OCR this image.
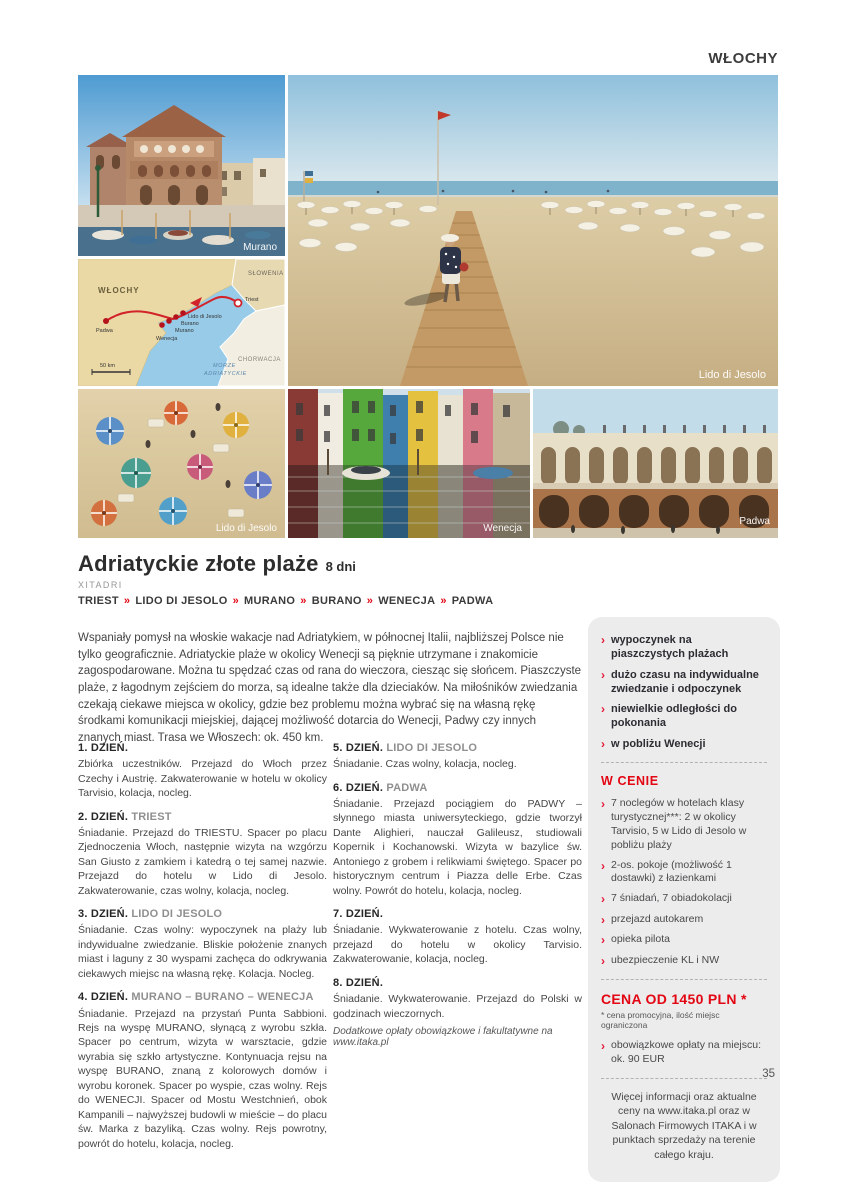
WŁOCHY
Murano
WŁOCHY
SŁOWENIA
CHORWACJA
MORZE
ADRIATYCKIE
Padwa
Lido di Jesolo
Burano
Murano
Wenecja
Triest
50 km
Lido di Jesolo
Lido di Jesolo	Wenecja
Padwa
Adriatyckie złote plaże 8 dni
XITADRI
TRIEST » LIDO DI JESOLO » MURANO » BURANO » WENECJA » PADWA
Wspaniały pomysł na włoskie wakacje nad Adriatykiem, w północnej Italii, najbliższej Polsce nie tylko geograficznie. Adriatyckie plaże w okolicy Wenecji są pięknie utrzymane i znakomicie zagospodarowane. Można tu spędzać czas od rana do wieczora, ciesząc się słońcem. Piaszczyste plaże, z łagodnym zejściem do morza, są idealne także dla dzieciaków. Na miłośników zwiedzania czekają ciekawe miejsca w okolicy, gdzie bez problemu można wybrać się na własną rękę środkami komunikacji miejskiej, dającej możliwość dotarcia do Wenecji, Padwy czy innych znanych miast. Trasa we Włoszech: ok. 450 km.
1. DZIEŃ.
Zbiórka uczestników. Przejazd do Włoch przez Czechy i Austrię. Zakwaterowanie w hotelu w okolicy Tarvisio, kolacja, nocleg.
2. DZIEŃ. TRIEST
Śniadanie. Przejazd do TRIESTU. Spacer po placu Zjednoczenia Włoch, następnie wizyta na wzgórzu San Giusto z zamkiem i katedrą o tej samej nazwie. Przejazd do hotelu w Lido di Jesolo. Zakwaterowanie, czas wolny, kolacja, nocleg.
3. DZIEŃ. LIDO DI JESOLO
Śniadanie. Czas wolny: wypoczynek na plaży lub indywidualne zwiedzanie. Bliskie położenie znanych miast i laguny z 30 wyspami zachęca do odkrywania ciekawych miejsc na własną rękę. Kolacja. Nocleg.
4. DZIEŃ. MURANO – BURANO – WENECJA
Śniadanie. Przejazd na przystań Punta Sabbioni. Rejs na wyspę MURANO, słynącą z wyrobu szkła. Spacer po centrum, wizyta w warsztacie, gdzie wyrabia się szkło artystyczne. Kontynuacja rejsu na wyspę BURANO, znaną z kolorowych domów i wyrobu koronek. Spacer po wyspie, czas wolny. Rejs do WENECJI. Spacer od Mostu Westchnień, obok Kampanili – najwyższej budowli w mieście – do placu św. Marka z bazyliką. Czas wolny. Rejs powrotny, powrót do hotelu, kolacja, nocleg.
5. DZIEŃ. LIDO DI JESOLO
Śniadanie. Czas wolny, kolacja, nocleg.
6. DZIEŃ. PADWA
Śniadanie. Przejazd pociągiem do PADWY – słynnego miasta uniwersyteckiego, gdzie tworzył Dante Alighieri, nauczał Galileusz, studiowali Kopernik i Kochanowski. Wizyta w bazylice św. Antoniego z grobem i relikwiami świętego. Spacer po historycznym centrum i Piazza delle Erbe. Czas wolny. Powrót do hotelu, kolacja, nocleg.
7. DZIEŃ.
Śniadanie. Wykwaterowanie z hotelu. Czas wolny, przejazd do hotelu w okolicy Tarvisio. Zakwaterowanie, kolacja, nocleg.
8. DZIEŃ.
Śniadanie. Wykwaterowanie. Przejazd do Polski w godzinach wieczornych.
Dodatkowe opłaty obowiązkowe i fakultatywne na www.itaka.pl
› wypoczynek na piaszczystych plażach
› dużo czasu na indywidualne zwiedzanie i odpoczynek
› niewielkie odległości do pokonania
› w pobliżu Wenecji
W CENIE
› 7 noclegów w hotelach klasy turystycznej***: 2 w okolicy Tarvisio, 5 w Lido di Jesolo w pobliżu plaży
› 2-os. pokoje (możliwość 1 dostawki) z łazienkami
› 7 śniadań, 7 obiadokolacji
› przejazd autokarem
› opieka pilota
› ubezpieczenie KL i NW
CENA OD 1450 PLN *
* cena promocyjna, ilość miejsc ograniczona
› obowiązkowe opłaty na miejscu: ok. 90 EUR
Więcej informacji oraz aktualne ceny na www.itaka.pl oraz w Salonach Firmowych ITAKA i w punktach sprzedaży na terenie całego kraju.
35
